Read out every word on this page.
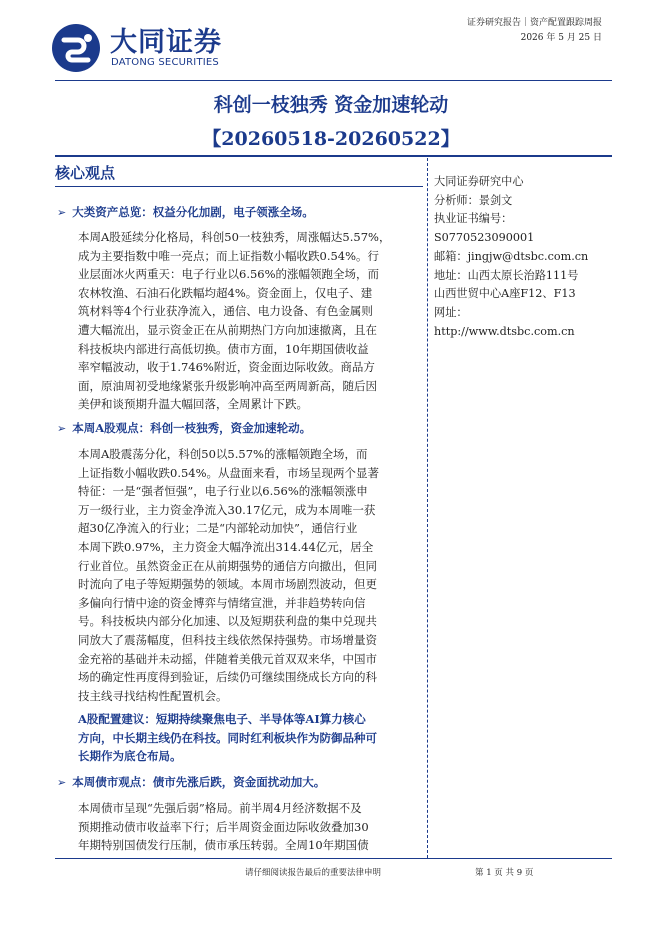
大同证券
DATONG SECURITIES
证券研究报告｜资产配置跟踪周报
2026 年 5 月 25 日
科创一枝独秀 资金加速轮动
【20260518-20260522】
核心观点
➢ 大类资产总览：权益分化加剧，电子领涨全场。
本周A股延续分化格局，科创50一枝独秀，周涨幅达5.57%，
成为主要指数中唯一亮点；而上证指数小幅收跌0.54%。行
业层面冰火两重天：电子行业以6.56%的涨幅领跑全场，而
农林牧渔、石油石化跌幅均超4%。资金面上，仅电子、建
筑材料等4个行业获净流入，通信、电力设备、有色金属则
遭大幅流出，显示资金正在从前期热门方向加速撤离，且在
科技板块内部进行高低切换。债市方面，10年期国债收益
率窄幅波动，收于1.746%附近，资金面边际收敛。商品方
面，原油周初受地缘紧张升级影响冲高至两周新高，随后因
美伊和谈预期升温大幅回落，全周累计下跌。
➢ 本周A股观点：科创一枝独秀，资金加速轮动。
本周A股震荡分化，科创50以5.57%的涨幅领跑全场，而
上证指数小幅收跌0.54%。从盘面来看，市场呈现两个显著
特征：一是“强者恒强”，电子行业以6.56%的涨幅领涨申
万一级行业，主力资金净流入30.17亿元，成为本周唯一获
超30亿净流入的行业；二是“内部轮动加快”，通信行业
本周下跌0.97%，主力资金大幅净流出314.44亿元，居全
行业首位。虽然资金正在从前期强势的通信方向撤出，但同
时流向了电子等短期强势的领域。本周市场剧烈波动，但更
多偏向行情中途的资金博弈与情绪宣泄，并非趋势转向信
号。科技板块内部分化加速、以及短期获利盘的集中兑现共
同放大了震荡幅度，但科技主线依然保持强势。市场增量资
金充裕的基础并未动摇，伴随着美俄元首双双来华，中国市
场的确定性再度得到验证，后续仍可继续围绕成长方向的科
技主线寻找结构性配置机会。
A股配置建议：短期持续聚焦电子、半导体等AI算力核心
方向，中长期主线仍在科技。同时红利板块作为防御品种可
长期作为底仓布局。
➢ 本周债市观点：债市先涨后跌，资金面扰动加大。
本周债市呈现“先强后弱”格局。前半周4月经济数据不及
预期推动债市收益率下行；后半周资金面边际收敛叠加30
年期特别国债发行压制，债市承压转弱。全周10年期国债
大同证券研究中心
分析师：景剑文
执业证书编号：
S0770523090001
邮箱：jingjw@dtsbc.com.cn
地址：山西太原长治路111号
山西世贸中心A座F12、F13
网址：
http://www.dtsbc.com.cn
请仔细阅读报告最后的重要法律申明	第 1 页 共 9 页
